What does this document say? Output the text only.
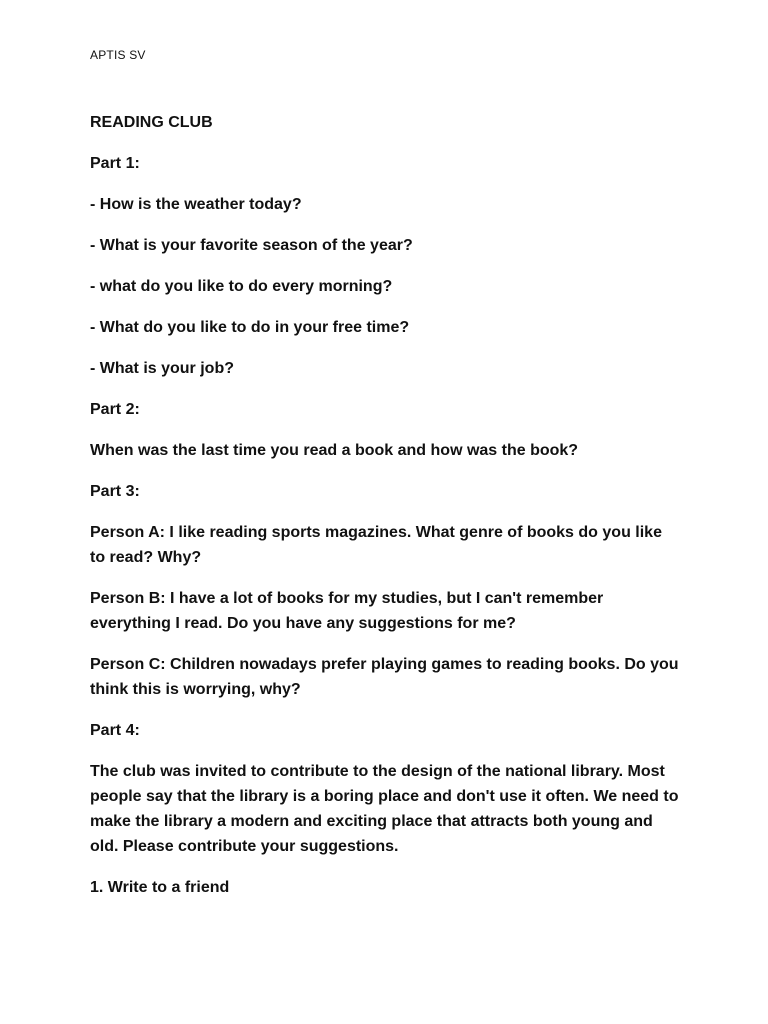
APTIS SV

READING CLUB

Part 1:

- How is the weather today?

- What is your favorite season of the year?

- what do you like to do every morning?

- What do you like to do in your free time?

- What is your job?

Part 2:

When was the last time you read a book and how was the book?

Part 3:

Person A: I like reading sports magazines. What genre of books do you like to read? Why?

Person B: I have a lot of books for my studies, but I can't remember everything I read. Do you have any suggestions for me?

Person C: Children nowadays prefer playing games to reading books. Do you think this is worrying, why?

Part 4:

The club was invited to contribute to the design of the national library. Most people say that the library is a boring place and don't use it often. We need to make the library a modern and exciting place that attracts both young and old. Please contribute your suggestions.

1. Write to a friend
